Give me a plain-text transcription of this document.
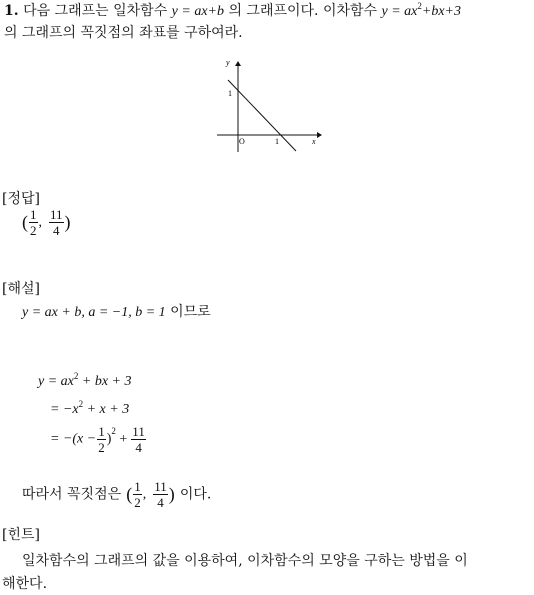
1. 다음 그래프는 일차함수 y = ax+b 의 그래프이다. 이차함수 $y = ax^2+bx+3$
의 그래프의 꼭짓점의 좌표를 구하여라.
y
x
O
1
1
[정답]
( $\frac{1}{2}$ , $\frac{11}{4}$ )
[해설]
y = ax + b, a = −1, b = 1 이므로
$y = ax^2$ + bx + 3
= $-x^2 + x + 3$
= $-(x - \frac{1}{2} )^2 + \frac{11}{4}$
따라서 꼭짓점은 ( $\frac{1}{2}$ , $\frac{11}{4}$ ) 이다.
[힌트]
일차함수의 그래프의 값을 이용하여, 이차함수의 모양을 구하는 방법을 이
해한다.
